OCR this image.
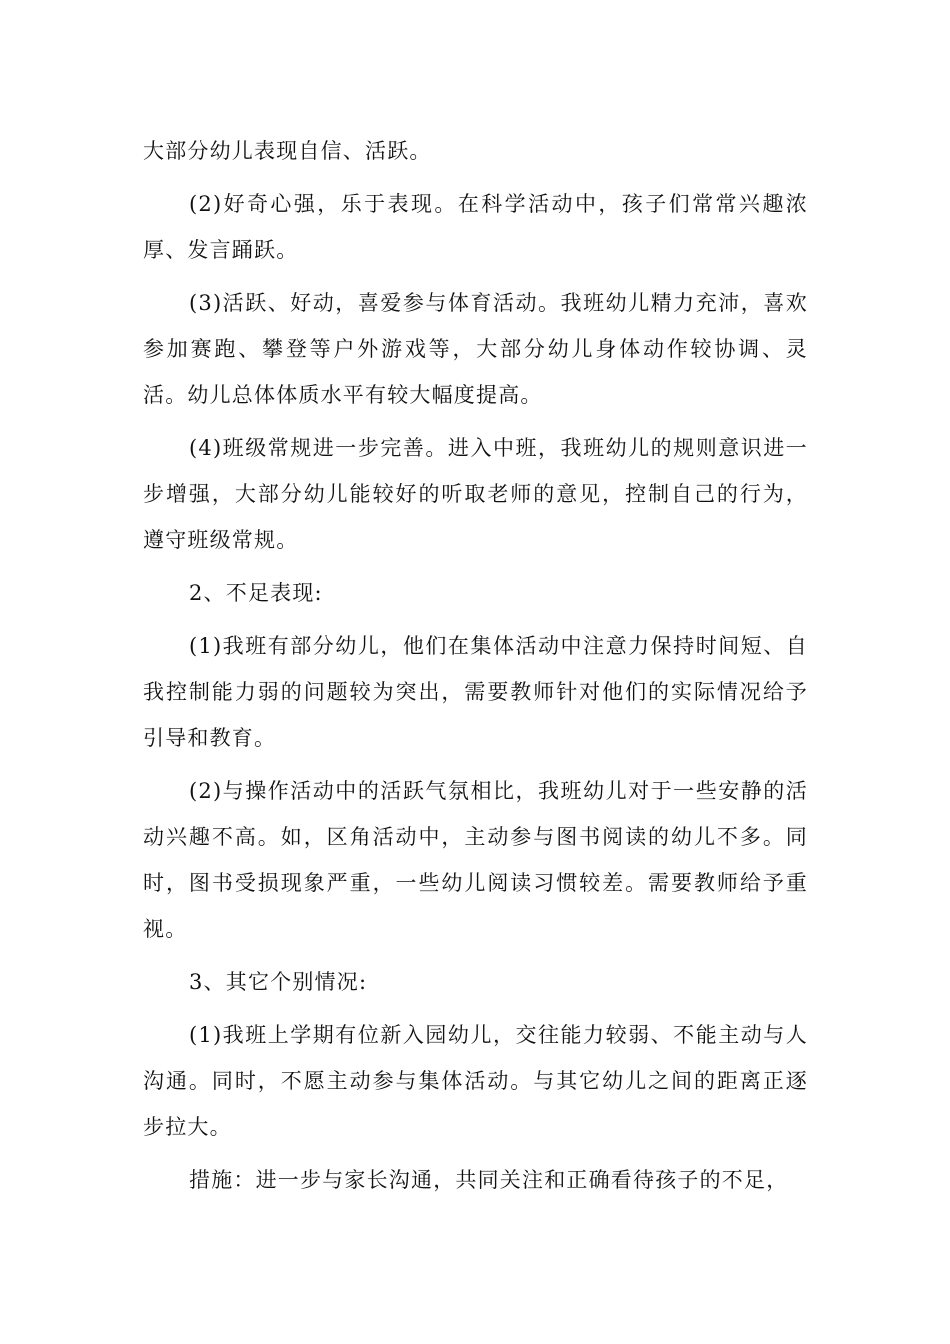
大部分幼儿表现自信、活跃。

(2)好奇心强，乐于表现。在科学活动中，孩子们常常兴趣浓厚、发言踊跃。

(3)活跃、好动，喜爱参与体育活动。我班幼儿精力充沛，喜欢参加赛跑、攀登等户外游戏等，大部分幼儿身体动作较协调、灵活。幼儿总体体质水平有较大幅度提高。

(4)班级常规进一步完善。进入中班，我班幼儿的规则意识进一步增强，大部分幼儿能较好的听取老师的意见，控制自己的行为，遵守班级常规。

2、不足表现:

(1)我班有部分幼儿，他们在集体活动中注意力保持时间短、自我控制能力弱的问题较为突出，需要教师针对他们的实际情况给予引导和教育。

(2)与操作活动中的活跃气氛相比，我班幼儿对于一些安静的活动兴趣不高。如，区角活动中，主动参与图书阅读的幼儿不多。同时，图书受损现象严重，一些幼儿阅读习惯较差。需要教师给予重视。

3、其它个别情况:

(1)我班上学期有位新入园幼儿，交往能力较弱、不能主动与人沟通。同时，不愿主动参与集体活动。与其它幼儿之间的距离正逐步拉大。

措施：进一步与家长沟通，共同关注和正确看待孩子的不足，
